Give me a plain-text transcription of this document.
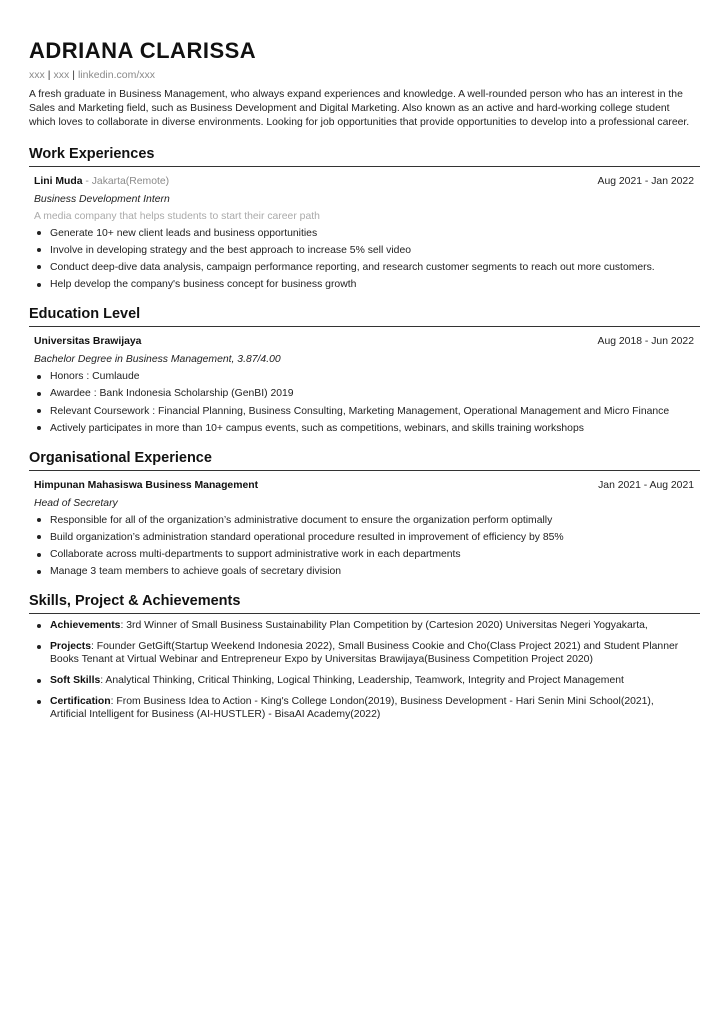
ADRIANA CLARISSA
xxx | xxx | linkedin.com/xxx
A fresh graduate in Business Management, who always expand experiences and knowledge. A well-rounded person who has an interest in the Sales and Marketing field, such as Business Development and Digital Marketing. Also known as an active and hard-working college student which loves to collaborate in diverse environments. Looking for job opportunities that provide opportunities to develop into a professional career.
Work Experiences
Lini Muda - Jakarta(Remote)	Aug 2021 - Jan 2022
Business Development Intern
A media company that helps students to start their career path
Generate 10+ new client leads and business opportunities
Involve in developing strategy and the best approach to increase 5% sell video
Conduct deep-dive data analysis, campaign performance reporting, and research customer segments to reach out more customers.
Help develop the company's business concept for business growth
Education Level
Universitas Brawijaya	Aug 2018 - Jun 2022
Bachelor Degree in Business Management, 3.87/4.00
Honors : Cumlaude
Awardee : Bank Indonesia Scholarship (GenBI) 2019
Relevant Coursework : Financial Planning, Business Consulting, Marketing Management, Operational Management and Micro Finance
Actively participates in more than 10+ campus events, such as competitions, webinars, and skills training workshops
Organisational Experience
Himpunan Mahasiswa Business Management	Jan 2021 - Aug 2021
Head of Secretary
Responsible for all of the organization’s administrative document to ensure the organization perform optimally
Build organization’s administration standard operational procedure resulted in improvement of efficiency by 85%
Collaborate across multi-departments to support administrative work in each departments
Manage 3 team members to achieve goals of secretary division
Skills, Project & Achievements
Achievements: 3rd Winner of Small Business Sustainability Plan Competition by (Cartesion 2020) Universitas Negeri Yogyakarta,
Projects: Founder GetGift(Startup Weekend Indonesia 2022), Small Business Cookie and Cho(Class Project 2021) and Student Planner Books Tenant at Virtual Webinar and Entrepreneur Expo by Universitas Brawijaya(Business Competition Project 2020)
Soft Skills: Analytical Thinking, Critical Thinking, Logical Thinking, Leadership, Teamwork, Integrity and Project Management
Certification: From Business Idea to Action - King's College London(2019), Business Development - Hari Senin Mini School(2021), Artificial Intelligent for Business (AI-HUSTLER) - BisaAI Academy(2022)
